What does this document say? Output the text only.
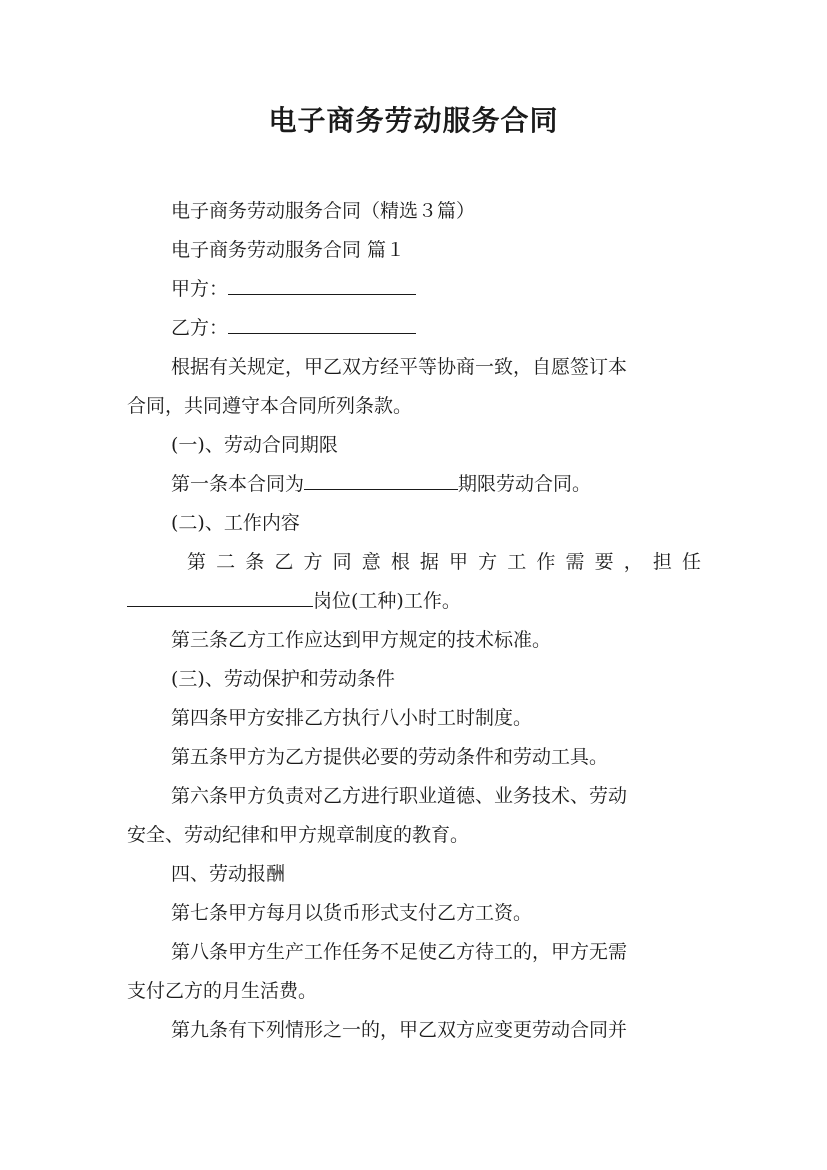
电子商务劳动服务合同
电子商务劳动服务合同（精选３篇）
电子商务劳动服务合同 篇１
甲方：
乙方：
根据有关规定，甲乙双方经平等协商一致，自愿签订本
合同，共同遵守本合同所列条款。
(一)、劳动合同期限
第一条本合同为	期限劳动合同。
(二)、工作内容
第 二 条 乙 方 同 意 根 据 甲 方 工 作 需 要 ， 担 任
岗位(工种)工作。
第三条乙方工作应达到甲方规定的技术标准。
(三)、劳动保护和劳动条件
第四条甲方安排乙方执行八小时工时制度。
第五条甲方为乙方提供必要的劳动条件和劳动工具。
第六条甲方负责对乙方进行职业道德、业务技术、劳动
安全、劳动纪律和甲方规章制度的教育。
四、劳动报酬
第七条甲方每月以货币形式支付乙方工资。
第八条甲方生产工作任务不足使乙方待工的，甲方无需
支付乙方的月生活费。
第九条有下列情形之一的，甲乙双方应变更劳动合同并
